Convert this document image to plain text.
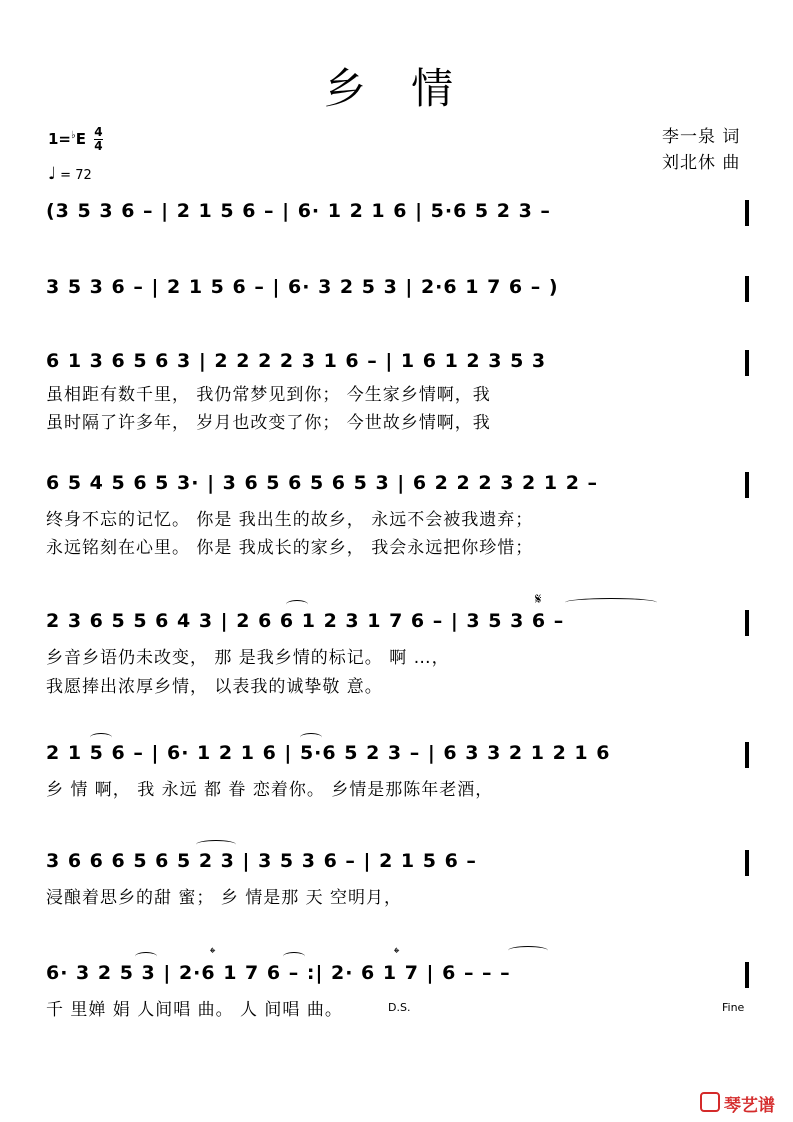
乡 情
$1=^♭E \frac{4}{4}$
♩ = 72
李一泉 词
刘北休 曲
(3 5 3 6 – | 2 1 5 6 – | 6· 1 2 1 6 | 5·6 5 2 3 –
3 5 3 6 – | 2 1 5 6 – | 6· 3 2 5 3 | 2·6 1 7 6 – )
6 1 3 6 5 6 3 | 2 2 2 2 3 1 6 – | 1 6 1 2 3 5 3
虽相距有数千里， 我仍常梦见到你； 今生家乡情啊，我
虽时隔了许多年， 岁月也改变了你； 今世故乡情啊，我
6 5 4 5 6 5 3· | 3 6 5 6 5 6 5 3 | 6 2 2 2 3 2 1 2 –
终身不忘的记忆。 你是 我出生的故乡， 永远不会被我遗弃；
永远铭刻在心里。 你是 我成长的家乡， 我会永远把你珍惜；
2 3 6 5 5 6 4 3 | 2 6 6 1 2 3 1 7 6 – | 3 5 3 6 –
乡音乡语仍未改变， 那 是我乡情的标记。 啊 …，
我愿捧出浓厚乡情， 以表我的诚挚敬 意。
2 1 5 6 – | 6· 1 2 1 6 | 5·6 5 2 3 – | 6 3 3 2 1 2 1 6
乡 情 啊， 我 永远 都 眷 恋着你。 乡情是那陈年老酒，
3 6 6 6 5 6 5 2 3 | 3 5 3 6 – | 2 1 5 6 –
浸酿着思乡的甜 蜜； 乡 情是那 天 空明月，
6· 3 2 5 3 | 2·6 1 7 6 – :| 2· 6 1 7 | 6 – – –
千 里婵 娟 人间唱 曲。 人 间唱 曲。
𝄋
𝄌	𝄌
D.S.	Fine
琴艺谱
